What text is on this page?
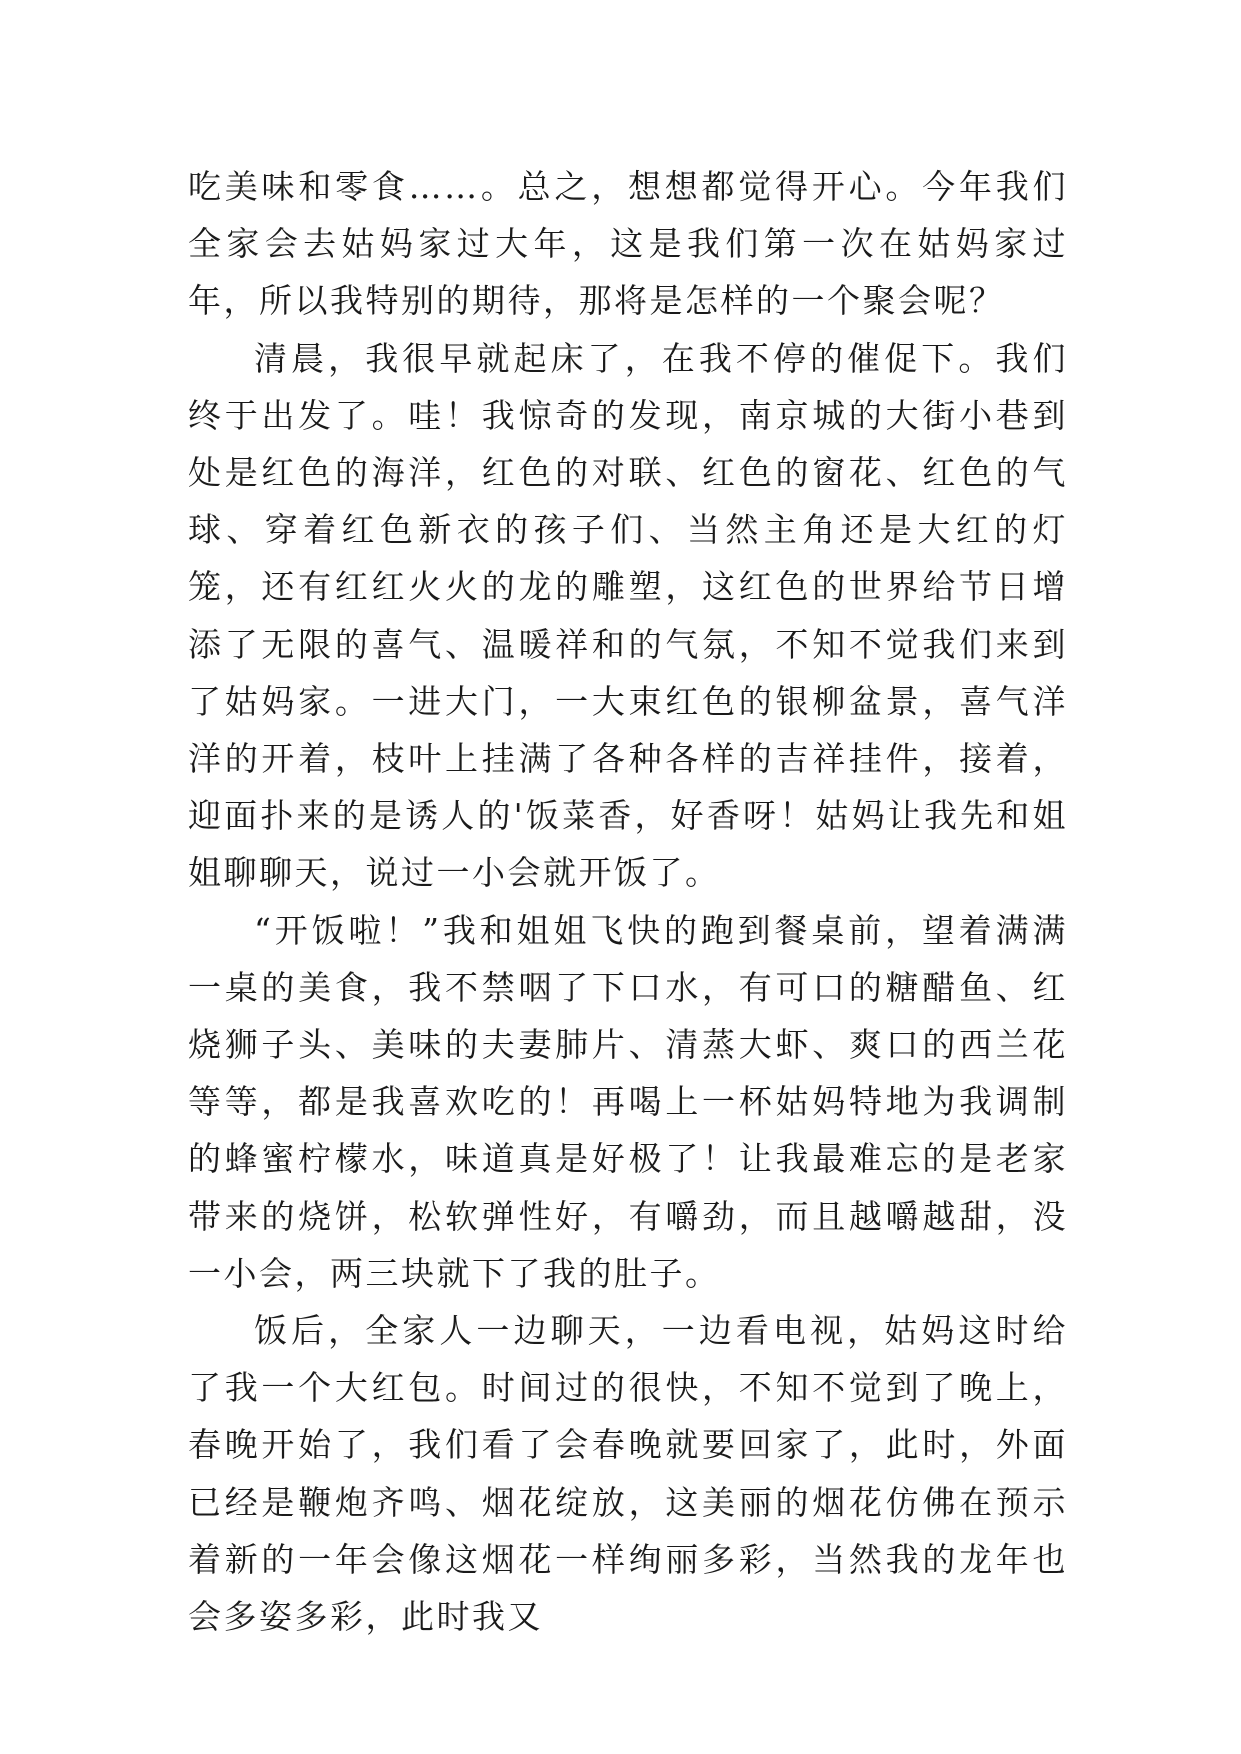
吃美味和零食……。总之，想想都觉得开心。今年我们全家会去姑妈家过大年，这是我们第一次在姑妈家过年，所以我特别的期待，那将是怎样的一个聚会呢？

清晨，我很早就起床了，在我不停的催促下。我们终于出发了。哇！我惊奇的发现，南京城的大街小巷到处是红色的海洋，红色的对联、红色的窗花、红色的气球、穿着红色新衣的孩子们、当然主角还是大红的灯笼，还有红红火火的龙的雕塑，这红色的世界给节日增添了无限的喜气、温暖祥和的气氛，不知不觉我们来到了姑妈家。一进大门，一大束红色的银柳盆景，喜气洋洋的开着，枝叶上挂满了各种各样的吉祥挂件，接着，迎面扑来的是诱人的'饭菜香，好香呀！姑妈让我先和姐姐聊聊天，说过一小会就开饭了。

“开饭啦！”我和姐姐飞快的跑到餐桌前，望着满满一桌的美食，我不禁咽了下口水，有可口的糖醋鱼、红烧狮子头、美味的夫妻肺片、清蒸大虾、爽口的西兰花等等，都是我喜欢吃的！再喝上一杯姑妈特地为我调制的蜂蜜柠檬水，味道真是好极了！让我最难忘的是老家带来的烧饼，松软弹性好，有嚼劲，而且越嚼越甜，没一小会，两三块就下了我的肚子。

饭后，全家人一边聊天，一边看电视，姑妈这时给了我一个大红包。时间过的很快，不知不觉到了晚上，春晚开始了，我们看了会春晚就要回家了，此时，外面已经是鞭炮齐鸣、烟花绽放，这美丽的烟花仿佛在预示着新的一年会像这烟花一样绚丽多彩，当然我的龙年也会多姿多彩，此时我又
